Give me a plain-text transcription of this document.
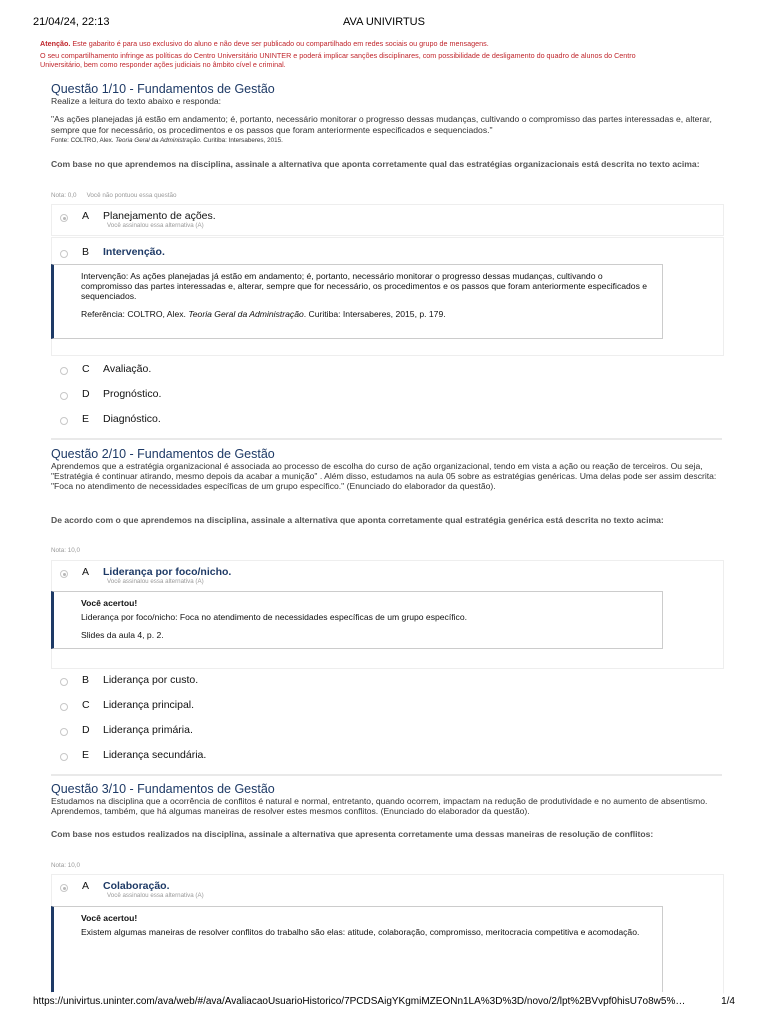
21/04/24, 22:13	AVA UNIVIRTUS
Atenção. Este gabarito é para uso exclusivo do aluno e não deve ser publicado ou compartilhado em redes sociais ou grupo de mensagens.
O seu compartilhamento infringe as políticas do Centro Universitário UNINTER e poderá implicar sanções disciplinares, com possibilidade de desligamento do quadro de alunos do Centro
Universitário, bem como responder ações judiciais no âmbito cível e criminal.
Questão 1/10 - Fundamentos de Gestão
Realize a leitura do texto abaixo e responda:
"As ações planejadas já estão em andamento; é, portanto, necessário monitorar o progresso dessas mudanças, cultivando o compromisso das partes interessadas e, alterar, sempre que for necessário, os procedimentos e os passos que foram anteriormente especificados e sequenciados."
Fonte: COLTRO, Alex. Teoria Geral da Administração. Curitiba: Intersaberes, 2015.
Com base no que aprendemos na disciplina, assinale a alternativa que aponta corretamente qual das estratégias organizacionais está descrita no texto acima:
Nota: 0,0 Você não pontuou essa questão
A Planejamento de ações.
Você assinalou essa alternativa (A)
B Intervenção.

Intervenção: As ações planejadas já estão em andamento; é, portanto, necessário monitorar o progresso dessas mudanças, cultivando o compromisso das partes interessadas e, alterar, sempre que for necessário, os procedimentos e os passos que foram anteriormente especificados e sequenciados.

Referência: COLTRO, Alex. Teoria Geral da Administração. Curitiba: Intersaberes, 2015, p. 179.

C Avaliação.
D Prognóstico.
E Diagnóstico.
Questão 2/10 - Fundamentos de Gestão
Aprendemos que a estratégia organizacional é associada ao processo de escolha do curso de ação organizacional, tendo em vista a ação ou reação de terceiros. Ou seja, "Estratégia é continuar atirando, mesmo depois da acabar a munição" . Além disso, estudamos na aula 05 sobre as estratégias genéricas. Uma delas pode ser assim descrita: "Foca no atendimento de necessidades específicas de um grupo específico." (Enunciado do elaborador da questão).
De acordo com o que aprendemos na disciplina, assinale a alternativa que aponta corretamente qual estratégia genérica está descrita no texto acima:
Nota: 10,0
A Liderança por foco/nicho.
Você assinalou essa alternativa (A)

Você acertou!

Liderança por foco/nicho: Foca no atendimento de necessidades específicas de um grupo específico.

Slides da aula 4, p. 2.

B Liderança por custo.
C Liderança principal.
D Liderança primária.
E Liderança secundária.
Questão 3/10 - Fundamentos de Gestão
Estudamos na disciplina que a ocorrência de conflitos é natural e normal, entretanto, quando ocorrem, impactam na redução de produtividade e no aumento de absentismo. Aprendemos, também, que há algumas maneiras de resolver estes mesmos conflitos. (Enunciado do elaborador da questão).
Com base nos estudos realizados na disciplina, assinale a alternativa que apresenta corretamente uma dessas maneiras de resolução de conflitos:
Nota: 10,0
A Colaboração.
Você assinalou essa alternativa (A)

Você acertou!

Existem algumas maneiras de resolver conflitos do trabalho são elas: atitude, colaboração, compromisso, meritocracia competitiva e acomodação.

https://univirtus.uninter.com/ava/web/#/ava/AvaliacaoUsuarioHistorico/7PCDSAigYKgmiMZEONn1LA%3D%3D/novo/2/lpt%2BVvpf0hisU7o8w5%…	1/4
